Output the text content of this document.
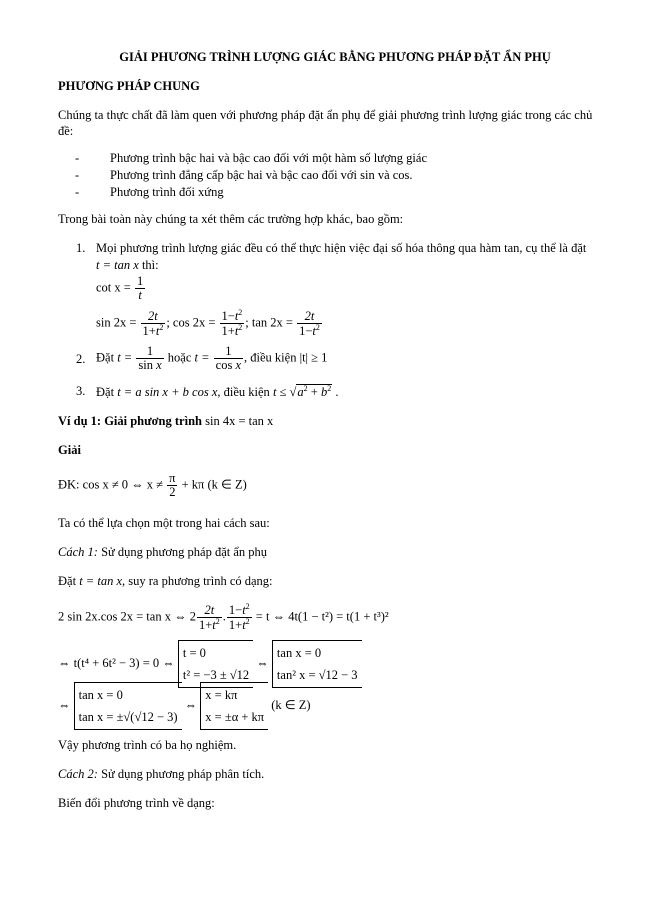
GIẢI PHƯƠNG TRÌNH LƯỢNG GIÁC BẰNG PHƯƠNG PHÁP ĐẶT ẨN PHỤ
PHƯƠNG PHÁP CHUNG
Chúng ta thực chất đã làm quen với phương pháp đặt ẩn phụ để giải phương trình lượng giác trong các chủ
đề:
- Phương trình bậc hai và bậc cao đối với một hàm số lượng giác
- Phương trình đẳng cấp bậc hai và bậc cao đối với sin và cos.
- Phương trình đối xứng
Trong bài toàn này chúng ta xét thêm các trường hợp khác, bao gồm:
1. Mọi phương trình lượng giác đều có thể thực hiện việc đại số hóa thông qua hàm tan, cụ thể là đặt
t = tan x thì:
$\cot x = \frac{1}{t}$
$\sin 2x = \frac{2t}{1+t^2}$ ; $\cos 2x = \frac{1-t^2}{1+t^2}$ ; $\tan 2x = \frac{2t}{1-t^2}$
2. Đặt $t = \frac{1}{\text{sin x}}$ hoặc $t = \frac{1}{\text{cos x}}$ , điều kiện |t| ≥ 1
3. Đặt t = a sin x + b cos x, điều kiện $t \le √a^2 + b^2$ .
Ví dụ 1: Giải phương trình sin 4x = tan x
Giải
ĐK: cos x ≠ 0 ⇔ $x \ne \frac{\pi}{2} + k\pi$ (k ∈ Z)
Ta có thể lựa chọn một trong hai cách sau:
Cách 1: Sử dụng phương pháp đặt ẩn phụ
Đặt t = tan x, suy ra phương trình có dạng:
2 sin 2x.cos 2x = tan x ⇔ $2 \frac{2t}{1+t^2}$ . $\frac{1-t^2}{1+t^2} = t$ ⇔ 4t(1 − t²) = t(1 + t³)²
⇔ t(t⁴ + 6t² − 3) = 0 ⇔
t = 0
t² = −3 ± √12
⇔
tan x = 0
tan² x = √12 − 3
⇔
tan x = 0
tan x = ±√(√12 − 3)
⇔
x = kπ
x = ±α + kπ
(k ∈ Z)
Vậy phương trình có ba họ nghiệm.
Cách 2: Sử dụng phương pháp phân tích.
Biến đổi phương trình về dạng:
